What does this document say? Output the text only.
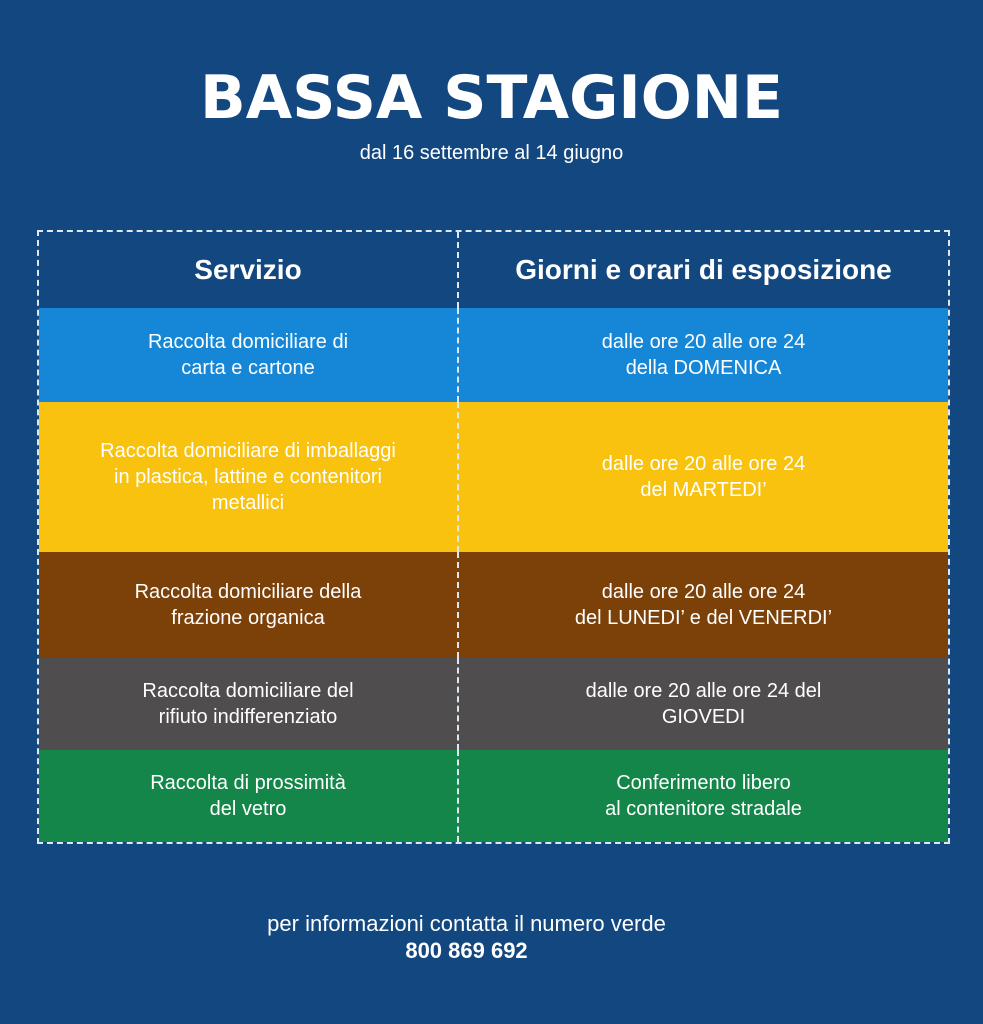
BASSA STAGIONE

dal 16 settembre al 14 giugno

Servizio	Giorni e orari di esposizione
Raccolta domiciliare di
carta e cartone
dalle ore 20 alle ore 24
della DOMENICA
Raccolta domiciliare di imballaggi
in plastica, lattine e contenitori
metallici
dalle ore 20 alle ore 24
del MARTEDI’
Raccolta domiciliare della
frazione organica
dalle ore 20 alle ore 24
del LUNEDI’ e del VENERDI’
Raccolta domiciliare del
rifiuto indifferenziato
dalle ore 20 alle ore 24 del
GIOVEDI
Raccolta di prossimità
del vetro
Conferimento libero
al contenitore stradale
per informazioni contatta il numero verde
800 869 692
